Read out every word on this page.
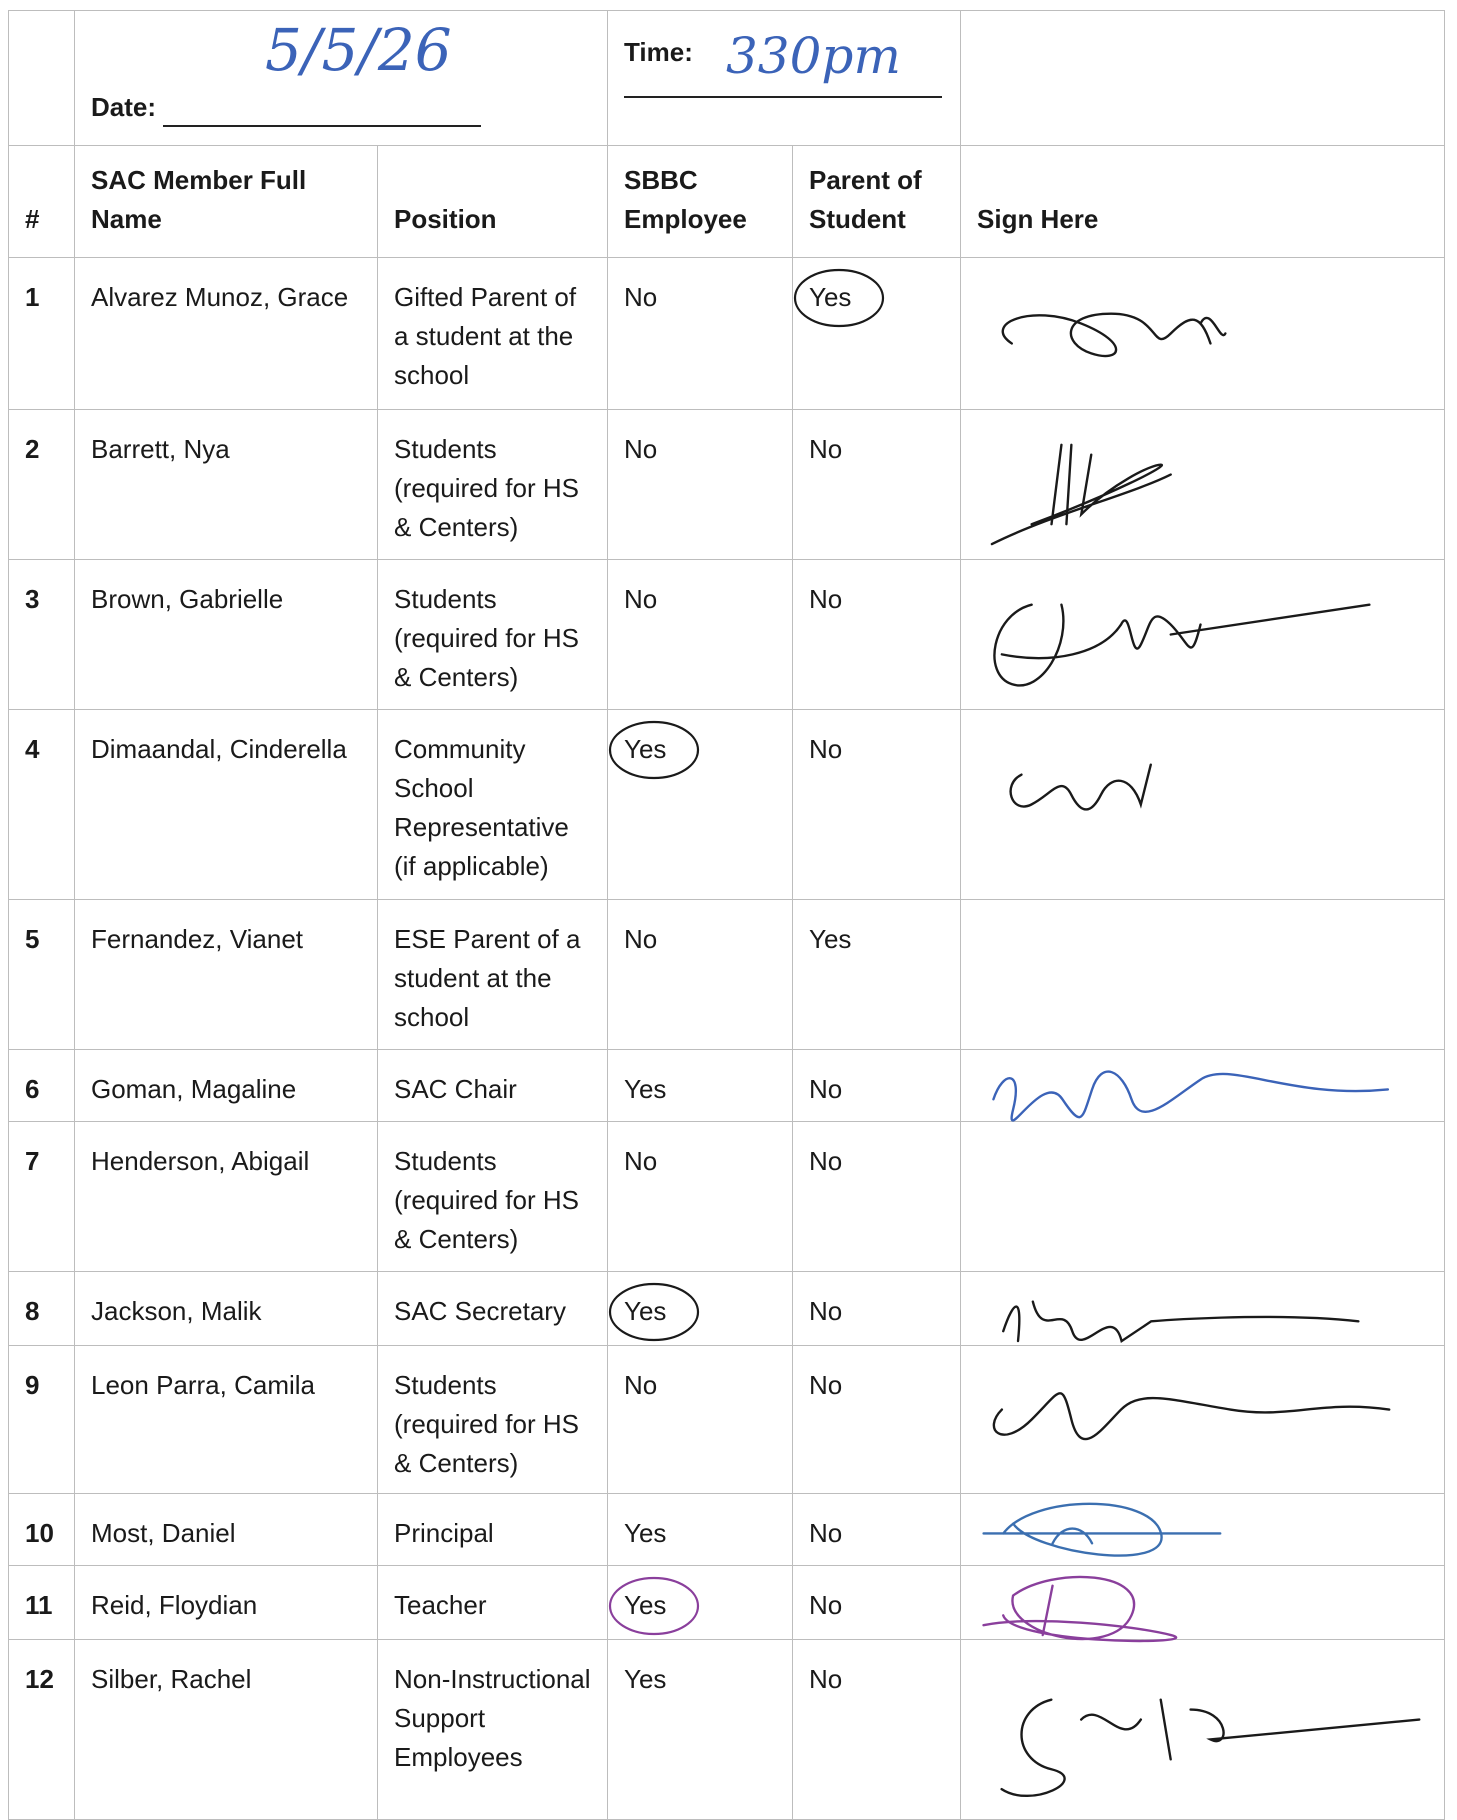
	Date:
5/5/26		Time: 330pm		

#	SAC Member Full Name	Position	SBBC Employee	Parent of Student	Sign Here
1	Alvarez Munoz, Grace	Gifted Parent of a student at the school	No	Yes

2	Barrett, Nya	Students (required for HS & Centers)	No	No	

3	Brown, Gabrielle	Students (required for HS & Centers)	No	No	

4	Dimaandal, Cinderella	Community School Representative (if applicable)	Yes	No	

5	Fernandez, Vianet	ESE Parent of a student at the school	No	Yes	
6	Goman, Magaline	SAC Chair	Yes	No	

7	Henderson, Abigail	Students (required for HS & Centers)	No	No	
8	Jackson, Malik	SAC Secretary	Yes	No	

9	Leon Parra, Camila	Students (required for HS & Centers)	No	No	

10	Most, Daniel	Principal	Yes	No	

11	Reid, Floydian	Teacher	Yes	No	

12	Silber, Rachel	Non-Instructional Support Employees	Yes	No	
